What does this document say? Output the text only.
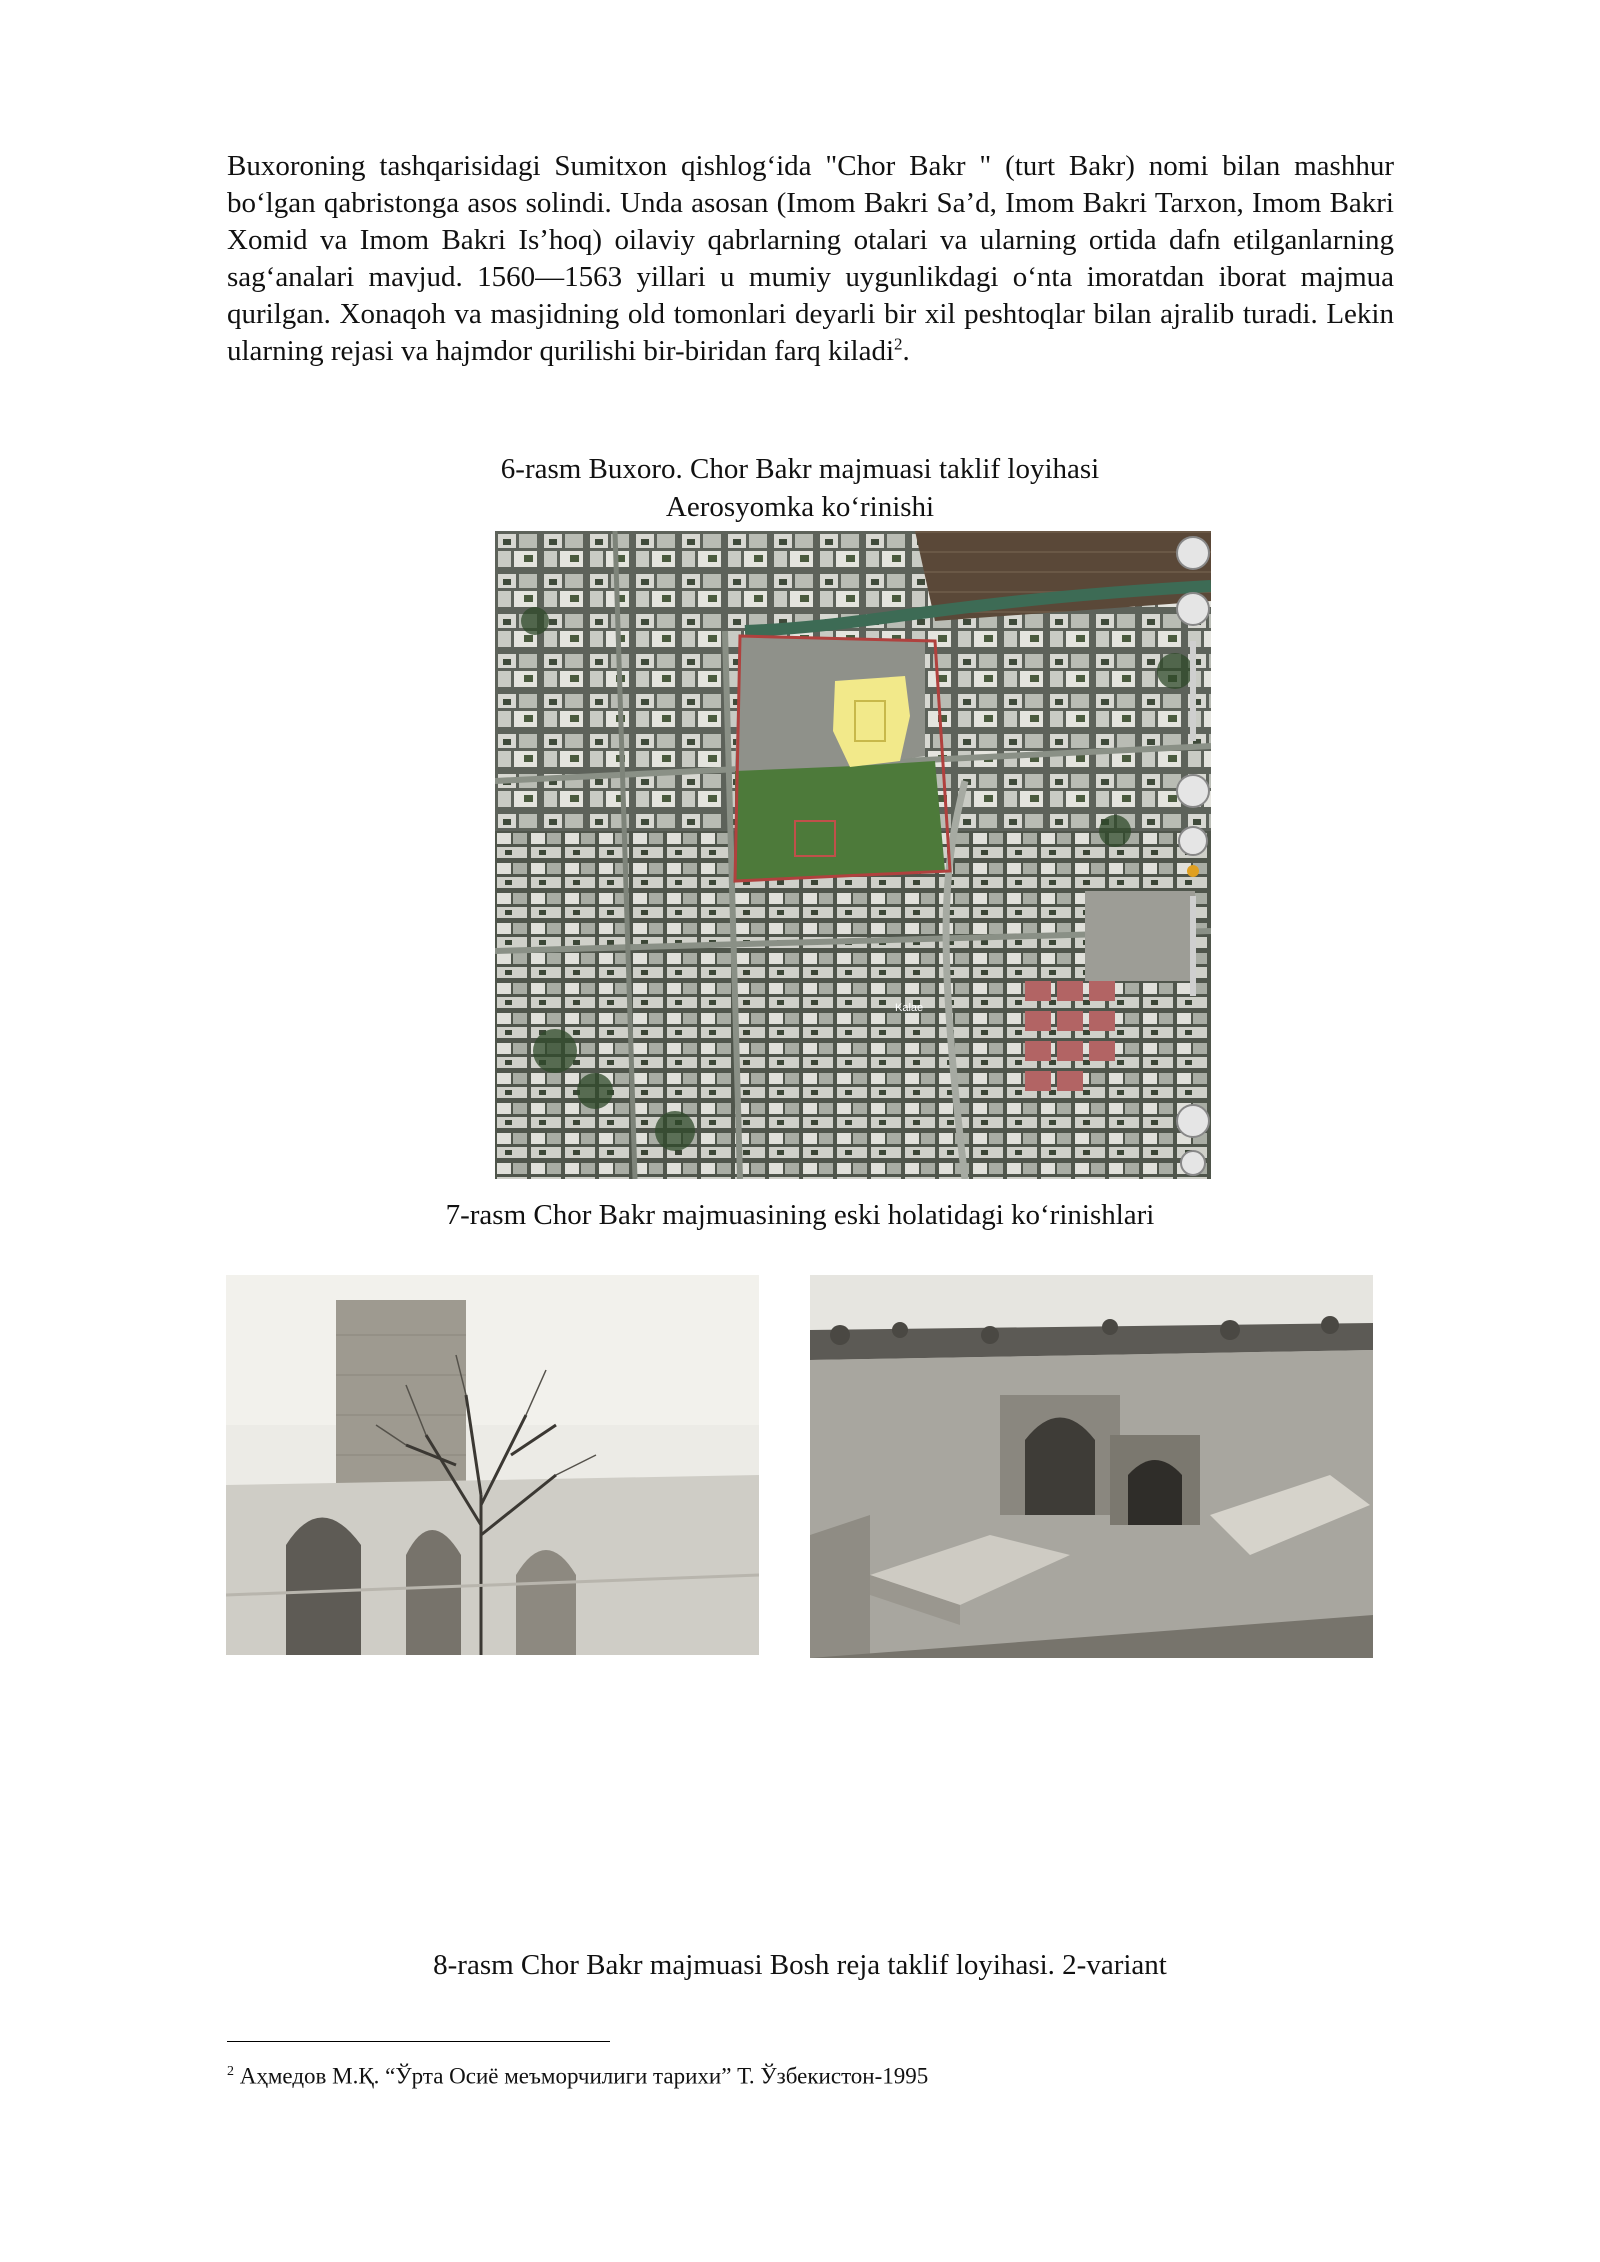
Buxoroning tashqarisidagi Sumitxon qishlog‘ida "Chor Bakr " (turt Bakr) nomi bilan mashhur bo‘lgan qabristonga asos solindi. Unda asosan (Imom Bakri Sa’d, Imom Bakri Tarxon, Imom Bakri Xomid va Imom Bakri Is’hoq) oilaviy qabrlarning otalari va ularning ortida dafn etilganlarning sag‘analari mavjud. 1560—1563 yillari u mumiy uygunlikdagi o‘nta imoratdan iborat majmua qurilgan. Xonaqoh va masjidning old tomonlari deyarli bir xil peshtoqlar bilan ajralib turadi. Lekin ularning rejasi va hajmdor qurilishi bir-biridan farq kiladi$^2$.

6-rasm Buxoro. Chor Bakr majmuasi taklif loyihasi

Aerosyomka ko‘rinishi

Kalae

7-rasm Chor Bakr majmuasining eski holatidagi ko‘rinishlari

8-rasm Chor Bakr majmuasi Bosh reja taklif loyihasi. 2-variant

$^2$ Аҳмедов М.Қ. “Ўрта Осиё меъморчилиги тарихи” Т. Ўзбекистон-1995
